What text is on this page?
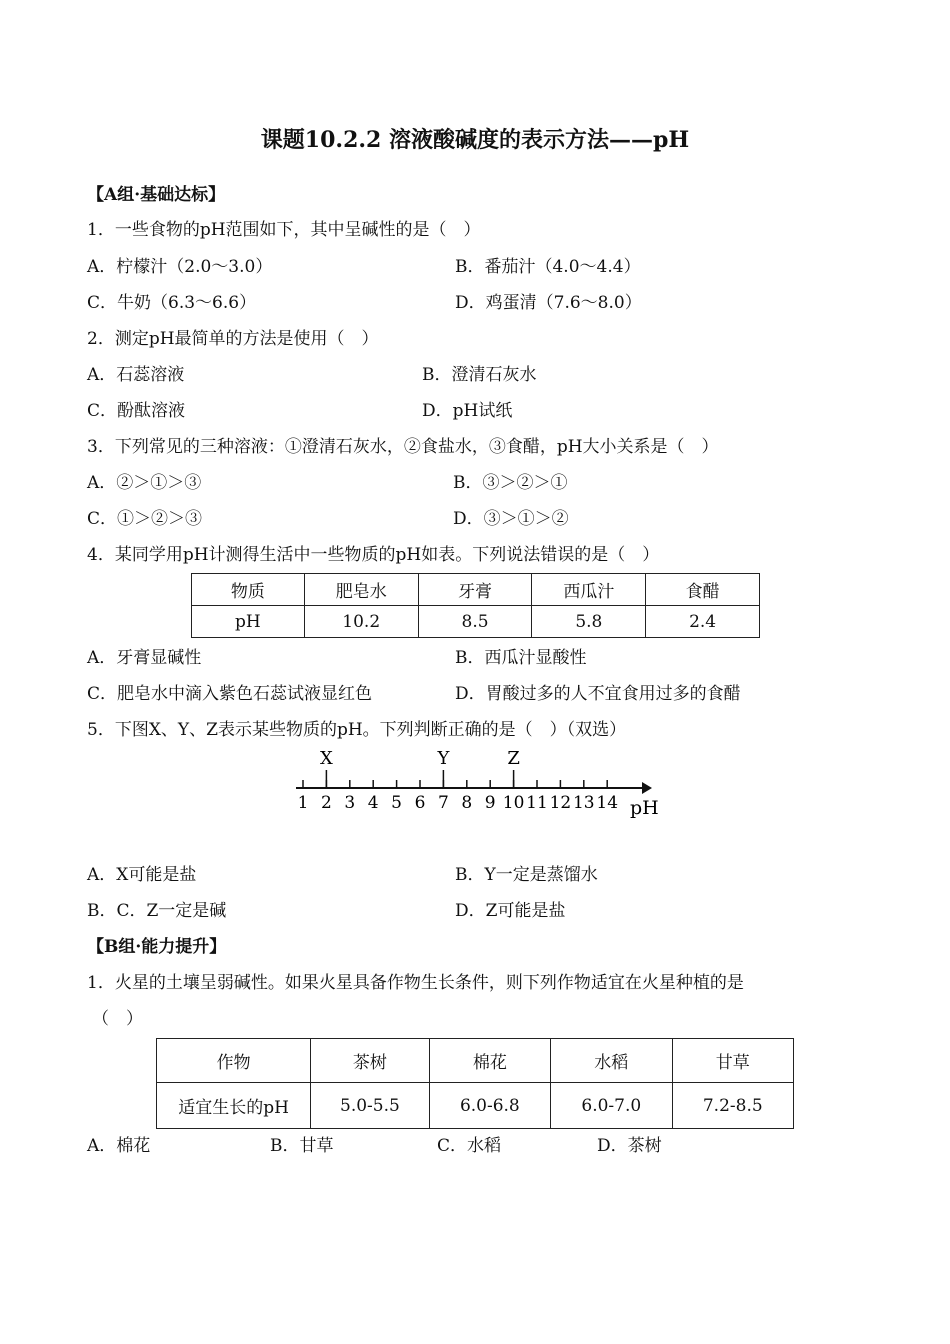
课题10.2.2 溶液酸碱度的表示方法——pH
【A组·基础达标】
1．一些食物的pH范围如下，其中呈碱性的是（　）
A．柠檬汁（2.0～3.0）	B．番茄汁（4.0～4.4）
C．牛奶（6.3～6.6）	D．鸡蛋清（7.6～8.0）
2．测定pH最简单的方法是使用（　）
A．石蕊溶液	B．澄清石灰水
C．酚酞溶液	D．pH试纸
3．下列常见的三种溶液：①澄清石灰水，②食盐水，③食醋，pH大小关系是（　）
A．②＞①＞③	B．③＞②＞①
C．①＞②＞③	D．③＞①＞②
4．某同学用pH计测得生活中一些物质的pH如表。下列说法错误的是（　）
物质	肥皂水	牙膏	西瓜汁	食醋
pH	10.2	8.5	5.8	2.4
A．牙膏显碱性	B．西瓜汁显酸性
C．肥皂水中滴入紫色石蕊试液显红色	D．胃酸过多的人不宜食用过多的食醋
5．下图X、Y、Z表示某些物质的pH。下列判断正确的是（　）（双选）
pH
1 2 3 4 5 6 7 8 9 10 11 12 13 14
X	Y	Z
A．X可能是盐	B．Y一定是蒸馏水
B．C．Z一定是碱	D．Z可能是盐
【B组·能力提升】
1．火星的土壤呈弱碱性。如果火星具备作物生长条件，则下列作物适宜在火星种植的是
（　）
作物	茶树	棉花	水稻	甘草
适宜生长的pH	5.0-5.5	6.0-6.8	6.0-7.0	7.2-8.5
A．棉花	B．甘草	C．水稻	D．茶树
